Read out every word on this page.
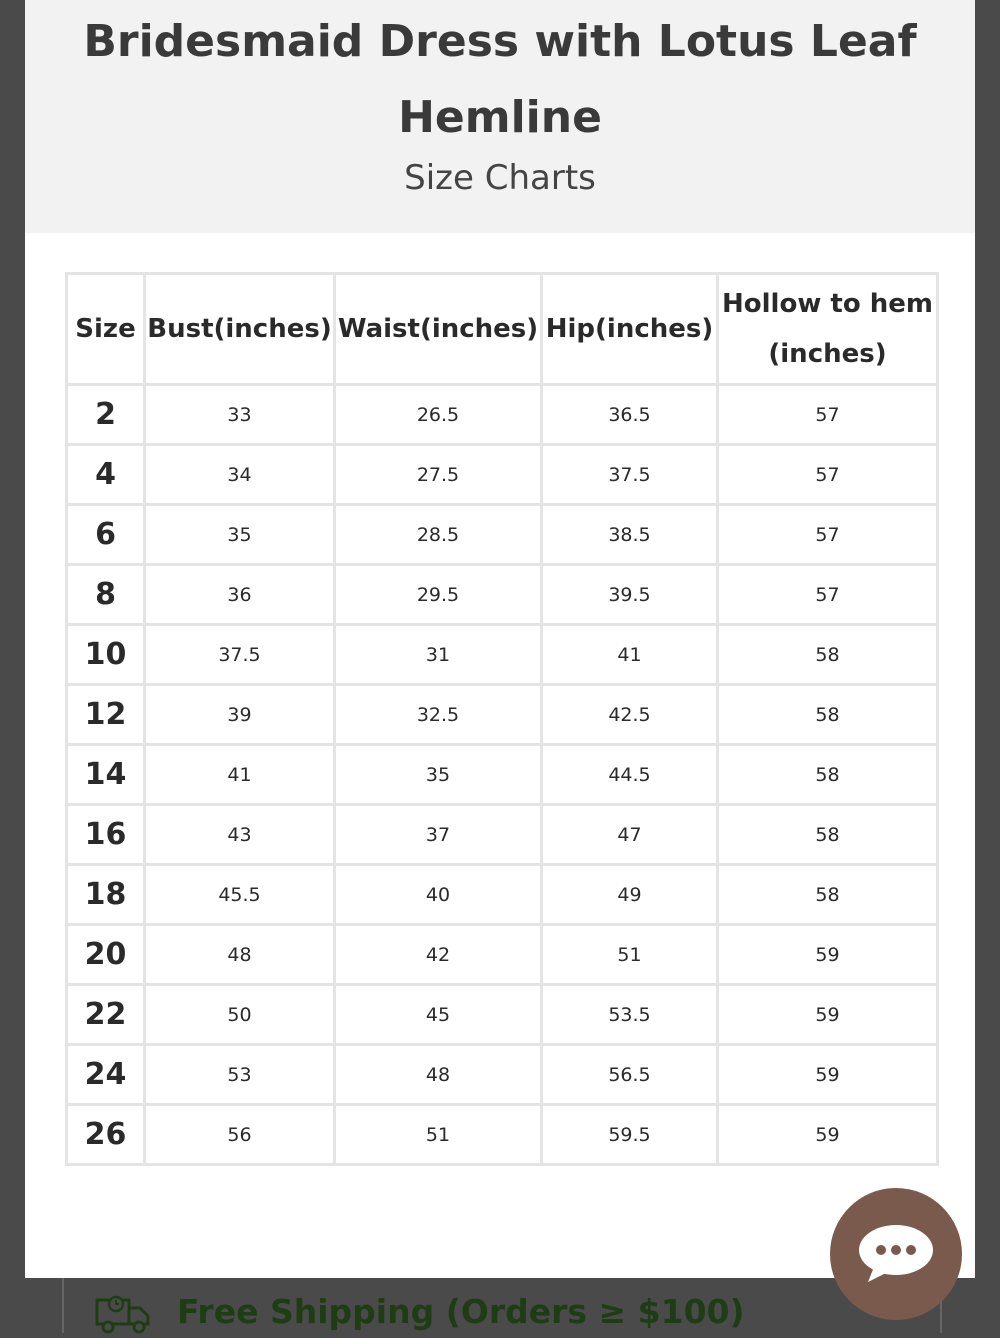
Bridesmaid Dress with Lotus Leaf Hemline
Size Charts
Size	Bust(inches)	Waist(inches)	Hip(inches)	Hollow to hem (inches)
2	33	26.5	36.5	57
4	34	27.5	37.5	57
6	35	28.5	38.5	57
8	36	29.5	39.5	57
10	37.5	31	41	58
12	39	32.5	42.5	58
14	41	35	44.5	58
16	43	37	47	58
18	45.5	40	49	58
20	48	42	51	59
22	50	45	53.5	59
24	53	48	56.5	59
26	56	51	59.5	59
Free Shipping (Orders ≥ $100)
